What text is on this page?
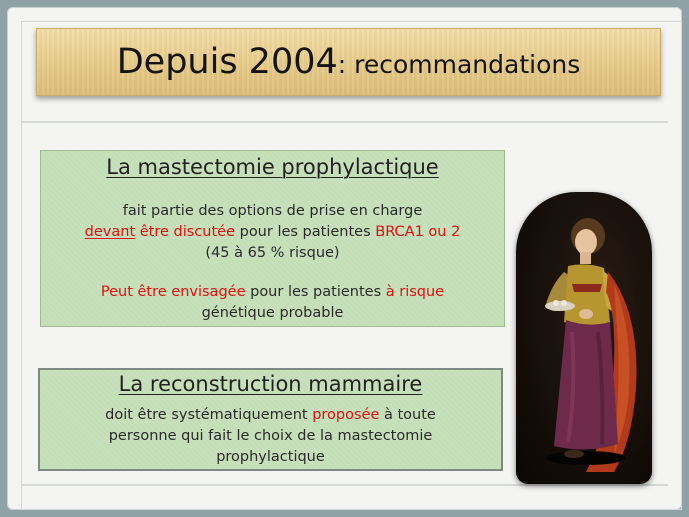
Depuis 2004: recommandations
La mastectomie prophylactique
fait partie des options de prise en charge
devant être discutée pour les patientes BRCA1 ou 2
(45 à 65 % risque)
Peut être envisagée pour les patientes à risque
génétique probable
La reconstruction mammaire
doit être systématiquement proposée à toute
personne qui fait le choix de la mastectomie
prophylactique
